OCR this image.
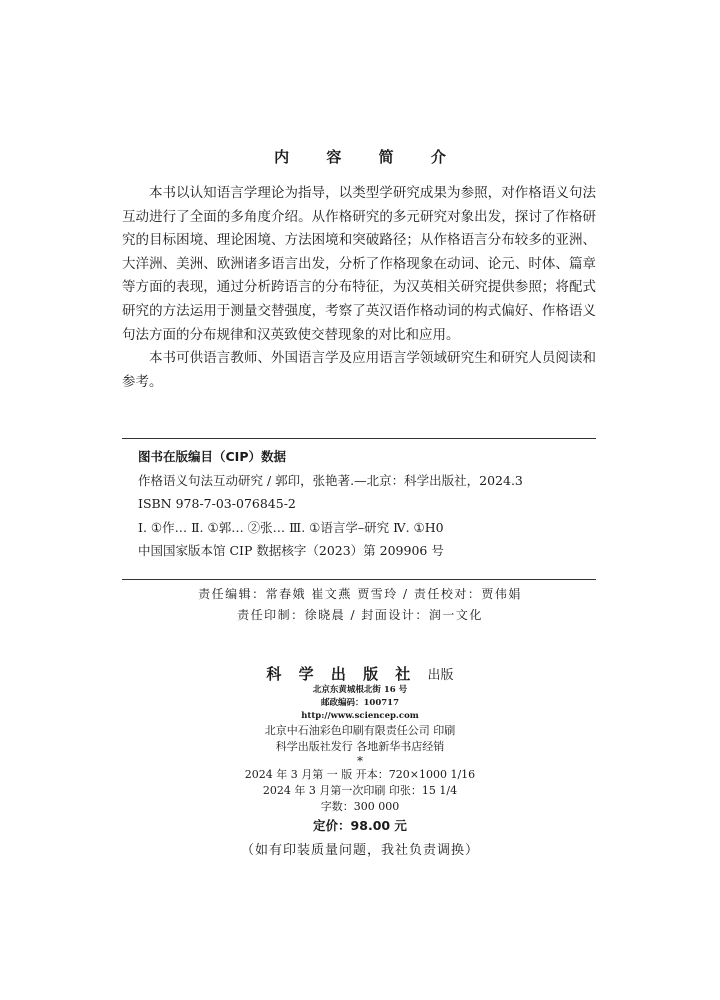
内 容 简 介

本书以认知语言学理论为指导，以类型学研究成果为参照，对作格语义句法互动进行了全面的多角度介绍。从作格研究的多元研究对象出发，探讨了作格研究的目标困境、理论困境、方法困境和突破路径；从作格语言分布较多的亚洲、大洋洲、美洲、欧洲诸多语言出发，分析了作格现象在动词、论元、时体、篇章等方面的表现，通过分析跨语言的分布特征，为汉英相关研究提供参照；将配式研究的方法运用于测量交替强度，考察了英汉语作格动词的构式偏好、作格语义句法方面的分布规律和汉英致使交替现象的对比和应用。

本书可供语言教师、外国语言学及应用语言学领域研究生和研究人员阅读和参考。

图书在版编目（CIP）数据
作格语义句法互动研究 / 郭印，张艳著.—北京：科学出版社，2024.3
ISBN 978-7-03-076845-2
Ⅰ. ①作… Ⅱ. ①郭… ②张… Ⅲ. ①语言学–研究 Ⅳ. ①H0
中国国家版本馆 CIP 数据核字（2023）第 209906 号
责任编辑：常春娥 崔文燕 贾雪玲 / 责任校对：贾伟娟
责任印制：徐晓晨 / 封面设计：润一文化
科 学 出 版 社 出版
北京东黄城根北街 16 号
邮政编码：100717
http://www.sciencep.com
北京中石油彩色印刷有限责任公司 印刷
科学出版社发行 各地新华书店经销
*
2024 年 3 月第 一 版 开本：720×1000 1/16
2024 年 3 月第一次印刷 印张：15 1/4
字数：300 000
定价：98.00 元
（如有印装质量问题，我社负责调换）
